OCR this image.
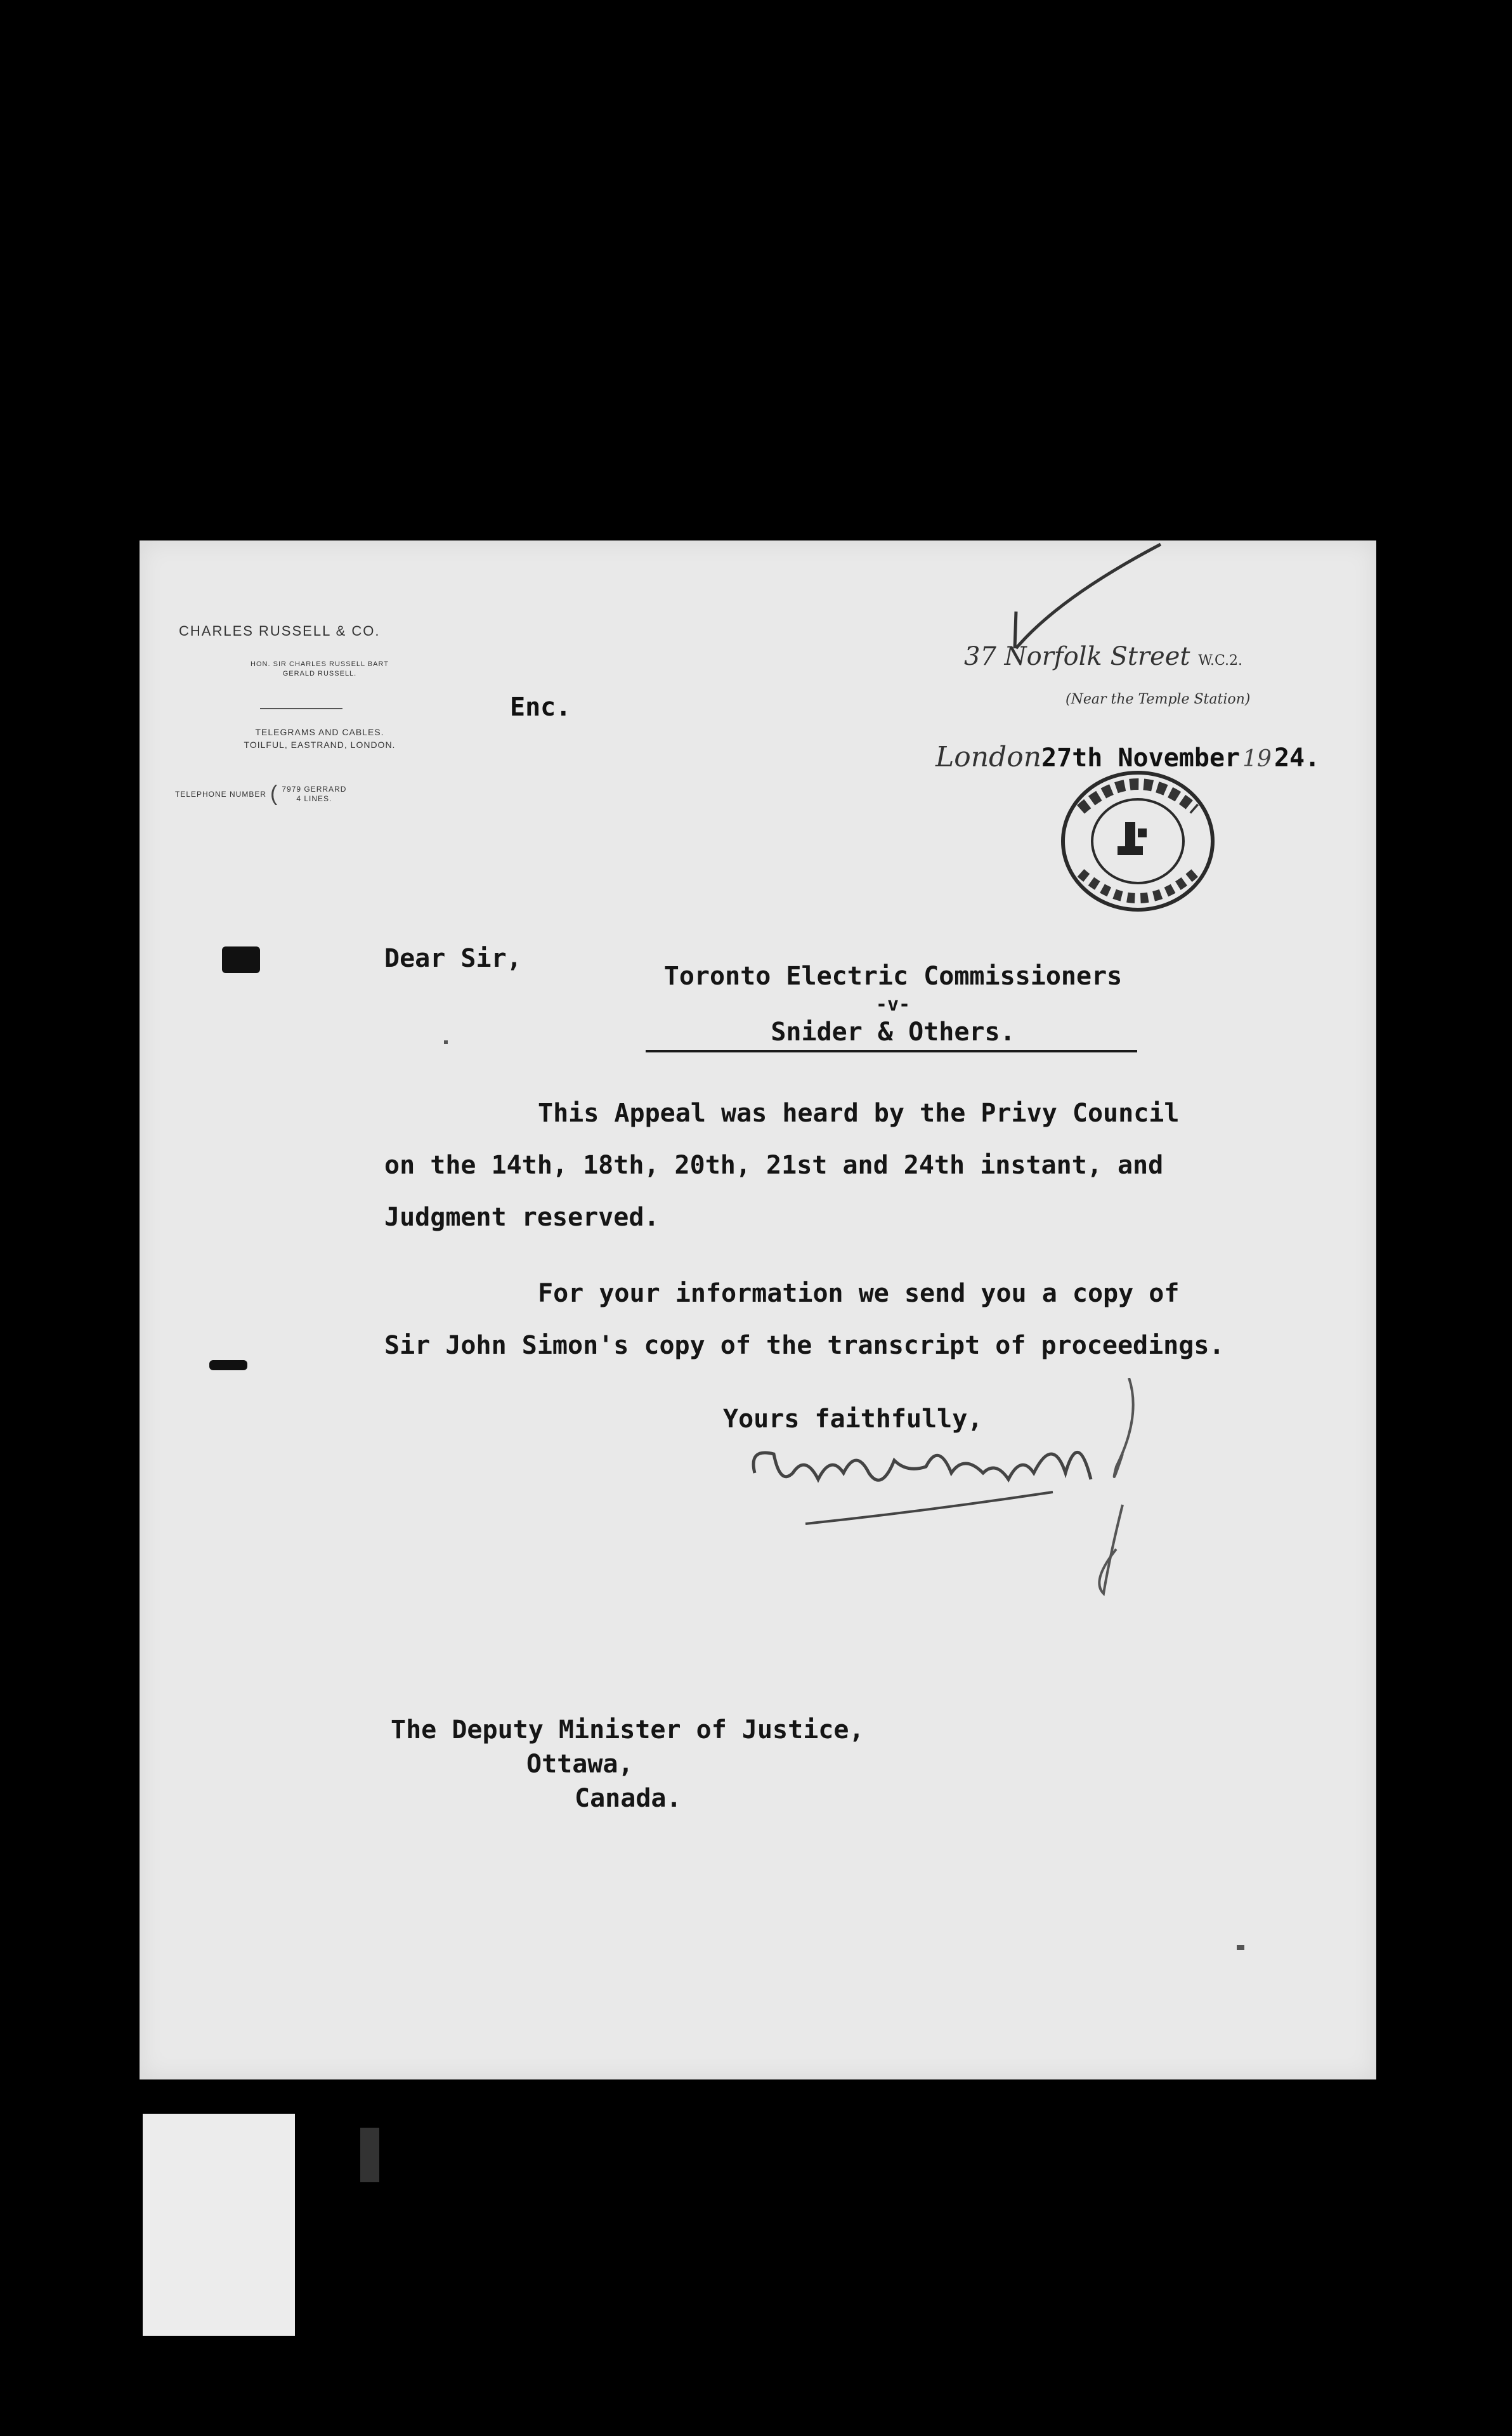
CHARLES RUSSELL & CO.
HON. SIR CHARLES RUSSELL BART
GERALD RUSSELL.
TELEGRAMS AND CABLES.
TOILFUL, EASTRAND, LONDON.
TELEPHONE NUMBER ( 7979 GERRARD
4 LINES.
Enc.
37 Norfolk Street W.C.2.
(Near the Temple Station)
London 27th November 19 24.
Dear Sir,
Toronto Electric Commissioners
-v-
Snider & Others.
This Appeal was heard by the Privy Council
on the 14th, 18th, 20th, 21st and 24th instant, and
Judgment reserved.
For your information we send you a copy of
Sir John Simon's copy of the transcript of proceedings.
Yours faithfully,
The Deputy Minister of Justice,
Ottawa,
Canada.
